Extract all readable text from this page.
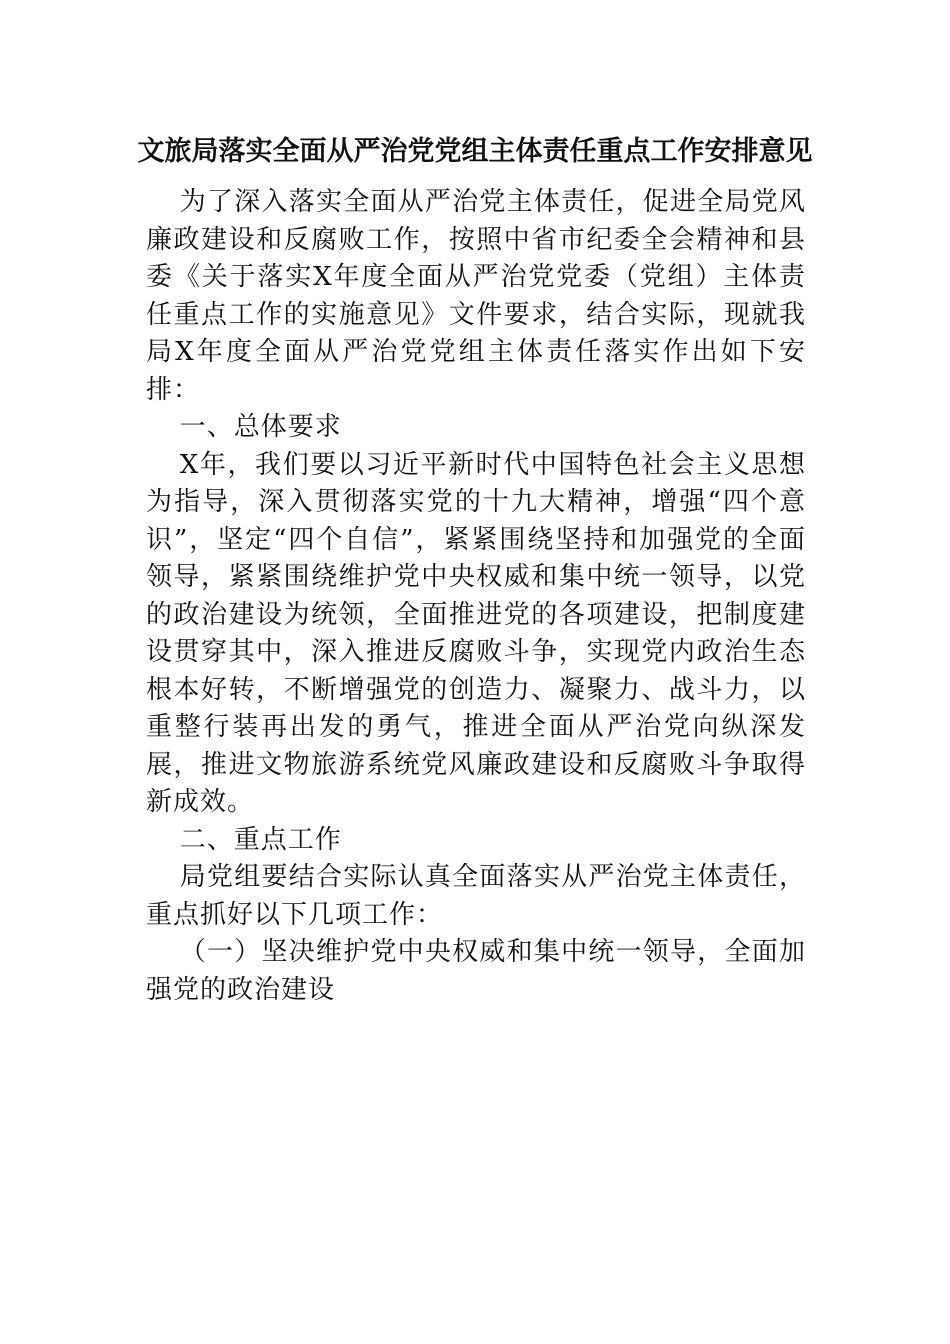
文旅局落实全面从严治党党组主体责任重点工作安排意见

为了深入落实全面从严治党主体责任，促进全局党风廉政建设和反腐败工作，按照中省市纪委全会精神和县委《关于落实X年度全面从严治党党委（党组）主体责任重点工作的实施意见》文件要求，结合实际，现就我局X年度全面从严治党党组主体责任落实作出如下安排：

一、总体要求

X年，我们要以习近平新时代中国特色社会主义思想为指导，深入贯彻落实党的十九大精神，增强“四个意识”，坚定“四个自信”，紧紧围绕坚持和加强党的全面领导，紧紧围绕维护党中央权威和集中统一领导，以党的政治建设为统领，全面推进党的各项建设，把制度建设贯穿其中，深入推进反腐败斗争，实现党内政治生态根本好转，不断增强党的创造力、凝聚力、战斗力，以重整行装再出发的勇气，推进全面从严治党向纵深发展，推进文物旅游系统党风廉政建设和反腐败斗争取得新成效。

二、重点工作

局党组要结合实际认真全面落实从严治党主体责任，重点抓好以下几项工作：

（一）坚决维护党中央权威和集中统一领导，全面加强党的政治建设
